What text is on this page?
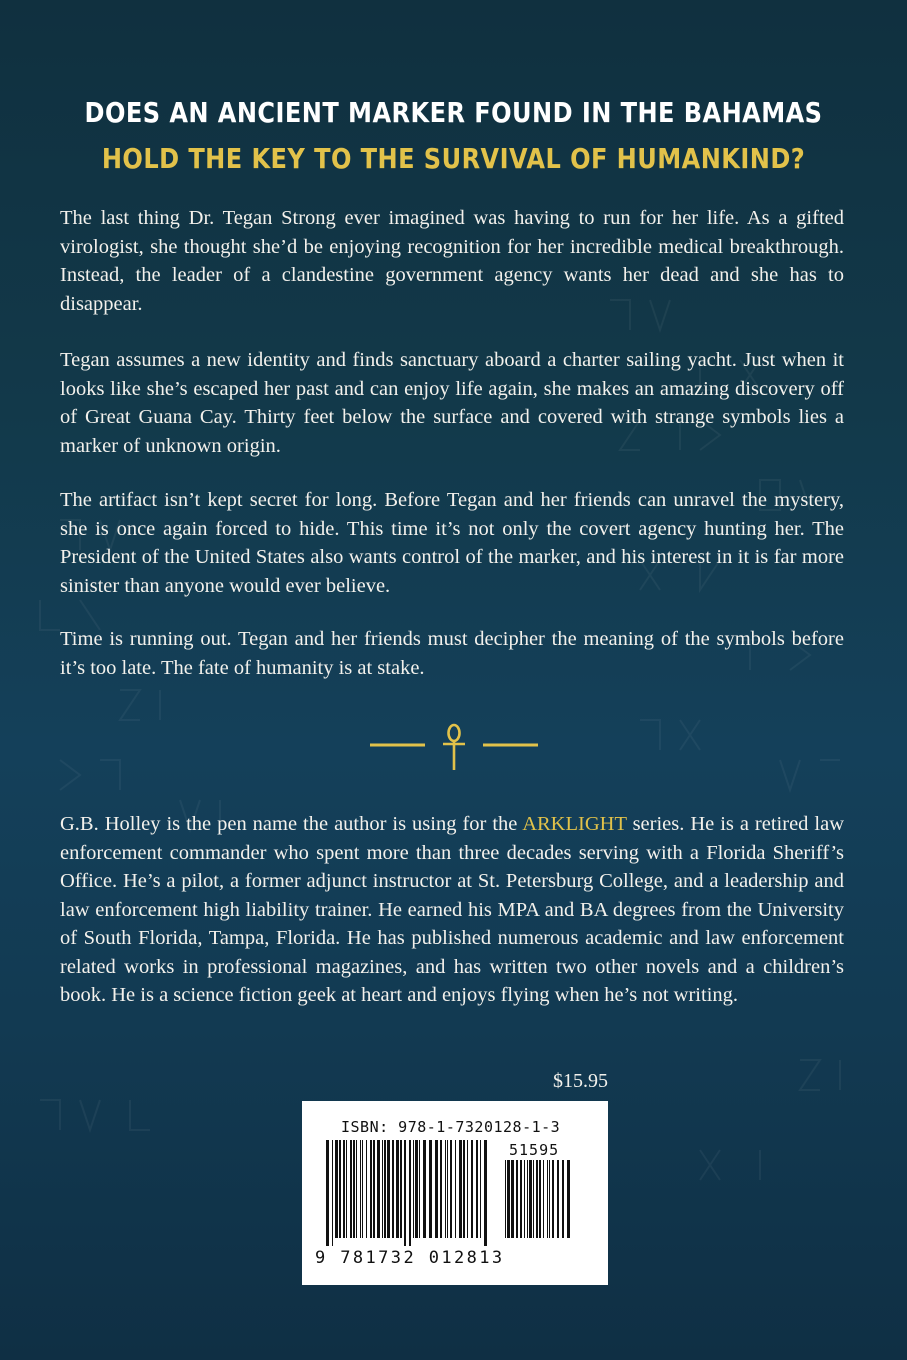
DOES AN ANCIENT MARKER FOUND IN THE BAHAMAS
HOLD THE KEY TO THE SURVIVAL OF HUMANKIND?

The last thing Dr. Tegan Strong ever imagined was having to run for her life. As a gifted virologist, she thought she’d be enjoying recognition for her incredible medical breakthrough. Instead, the leader of a clandestine government agency wants her dead and she has to disappear.

Tegan assumes a new identity and finds sanctuary aboard a charter sailing yacht. Just when it looks like she’s escaped her past and can enjoy life again, she makes an amazing discovery off of Great Guana Cay. Thirty feet below the surface and covered with strange symbols lies a marker of unknown origin.

The artifact isn’t kept secret for long. Before Tegan and her friends can unravel the mystery, she is once again forced to hide. This time it’s not only the covert agency hunting her. The President of the United States also wants control of the marker, and his interest in it is far more sinister than anyone would ever believe.

Time is running out. Tegan and her friends must decipher the meaning of the symbols before it’s too late. The fate of humanity is at stake.

G.B. Holley is the pen name the author is using for the ARKLIGHT series. He is a retired law enforcement commander who spent more than three decades serving with a Florida Sheriff’s Office. He’s a pilot, a former adjunct instructor at St. Petersburg College, and a leadership and law enforcement high liability trainer. He earned his MPA and BA degrees from the University of South Florida, Tampa, Florida. He has published numerous academic and law enforcement related works in professional magazines, and has written two other novels and a children’s book. He is a science fiction geek at heart and enjoys flying when he’s not writing.

$15.95
ISBN: 978-1-7320128-1-3
51595
9 781732 012813
